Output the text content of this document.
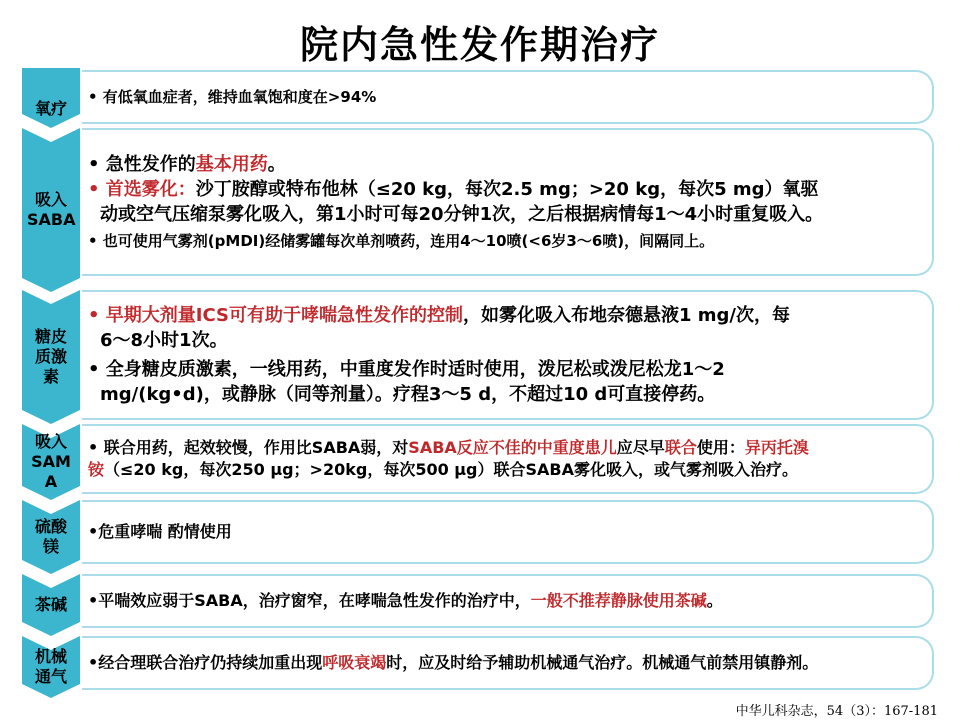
院内急性发作期治疗
氧疗

• 有低氧血症者，维持血氧饱和度在>94%

吸入
SABA

• 急性发作的基本用药。

• 首选雾化：沙丁胺醇或特布他林（≤20 kg，每次2.5 mg；>20 kg，每次5 mg）氧驱

动或空气压缩泵雾化吸入，第1小时可每20分钟1次，之后根据病情每1～4小时重复吸入。

• 也可使用气雾剂(pMDI)经储雾罐每次单剂喷药，连用4～10喷(<6岁3～6喷)，间隔同上。

糖皮
质激
素

• 早期大剂量ICS可有助于哮喘急性发作的控制，如雾化吸入布地奈德悬液1 mg/次，每

6～8小时1次。

• 全身糖皮质激素，一线用药，中重度发作时适时使用，泼尼松或泼尼松龙1～2

mg/(kg•d)，或静脉（同等剂量）。疗程3～5 d，不超过10 d可直接停药。

吸入
SAM
A

• 联合用药，起效较慢，作用比SABA弱，对SABA反应不佳的中重度患儿应尽早联合使用：异丙托溴

铵（≤20 kg，每次250 μg；>20kg，每次500 μg）联合SABA雾化吸入，或气雾剂吸入治疗。

硫酸
镁

•危重哮喘 酌情使用

茶碱 •平喘效应弱于SABA，治疗窗窄，在哮喘急性发作的治疗中，一般不推荐静脉使用茶碱。

机械
通气

•经合理联合治疗仍持续加重出现呼吸衰竭时，应及时给予辅助机械通气治疗。机械通气前禁用镇静剂。

中华儿科杂志，54（3）：167-181
